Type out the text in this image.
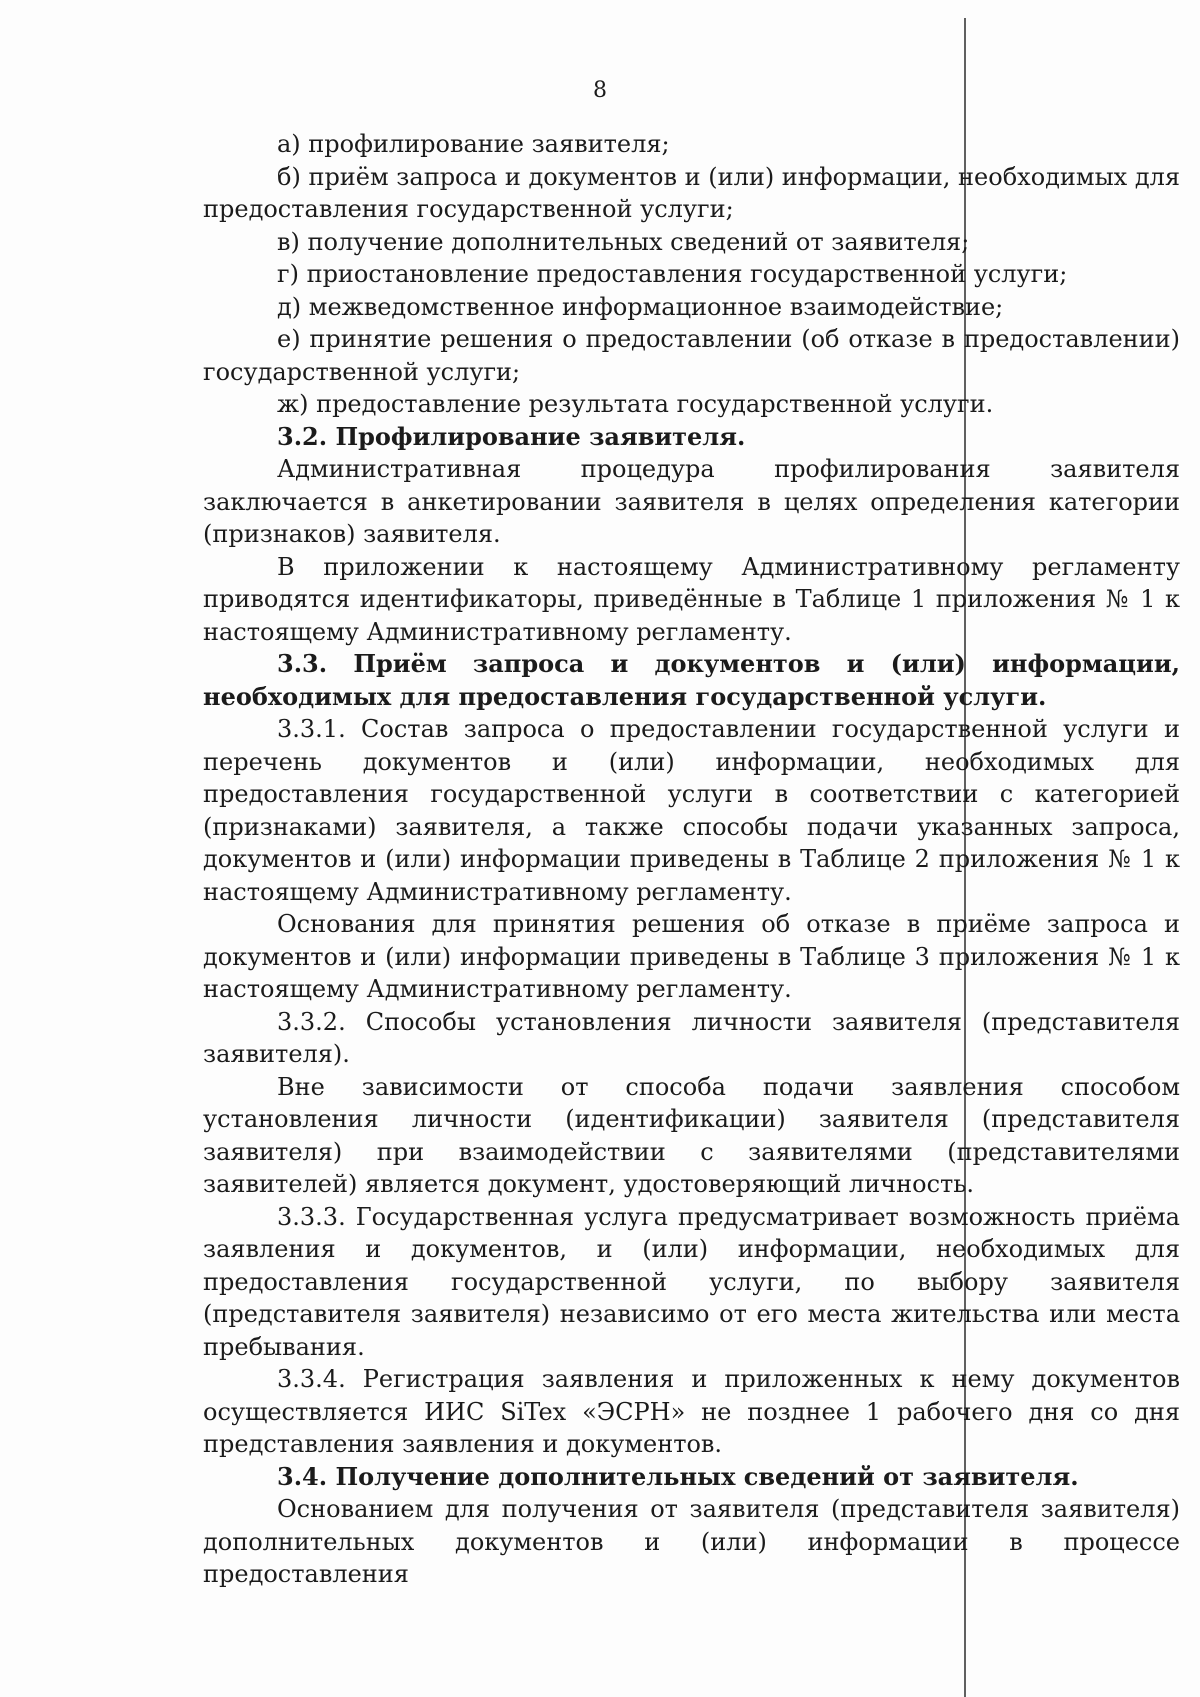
8

а) профилирование заявителя;

б) приём запроса и документов и (или) информации, необходимых для предоставления государственной услуги;

в) получение дополнительных сведений от заявителя;

г) приостановление предоставления государственной услуги;

д) межведомственное информационное взаимодействие;

е) принятие решения о предоставлении (об отказе в предоставлении) государственной услуги;

ж) предоставление результата государственной услуги.

3.2. Профилирование заявителя.

Административная процедура профилирования заявителя заключается в анкетировании заявителя в целях определения категории (признаков) заявителя.

В приложении к настоящему Административному регламенту приводятся идентификаторы, приведённые в Таблице 1 приложения № 1 к настоящему Административному регламенту.

3.3. Приём запроса и документов и (или) информации, необходимых для предоставления государственной услуги.

3.3.1. Состав запроса о предоставлении государственной услуги и перечень документов и (или) информации, необходимых для предоставления государственной услуги в соответствии с категорией (признаками) заявителя, а также способы подачи указанных запроса, документов и (или) информации приведены в Таблице 2 приложения № 1 к настоящему Административному регламенту.

Основания для принятия решения об отказе в приёме запроса и документов и (или) информации приведены в Таблице 3 приложения № 1 к настоящему Административному регламенту.

3.3.2. Способы установления личности заявителя (представителя заявителя).

Вне зависимости от способа подачи заявления способом установления личности (идентификации) заявителя (представителя заявителя) при взаимодействии с заявителями (представителями заявителей) является документ, удостоверяющий личность.

3.3.3. Государственная услуга предусматривает возможность приёма заявления и документов, и (или) информации, необходимых для предоставления государственной услуги, по выбору заявителя (представителя заявителя) независимо от его места жительства или места пребывания.

3.3.4. Регистрация заявления и приложенных к нему документов осуществляется ИИС SiTex «ЭСРН» не позднее 1 рабочего дня со дня представления заявления и документов.

3.4. Получение дополнительных сведений от заявителя.

Основанием для получения от заявителя (представителя заявителя) дополнительных документов и (или) информации в процессе предоставления
